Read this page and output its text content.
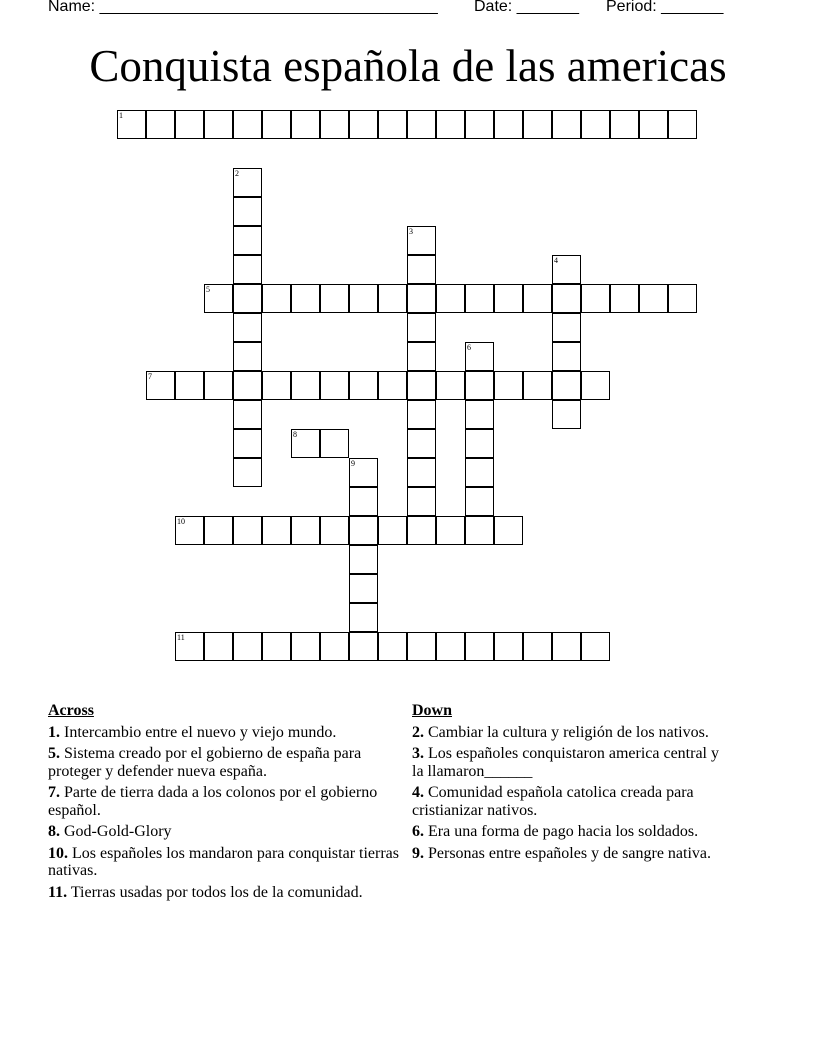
Name: ______________________________________ Date: _______ Period: _______
Conquista española de las americas
1
2
3
4
5
6
7
8
9
10
11
Across
1. Intercambio entre el nuevo y viejo mundo.
5. Sistema creado por el gobierno de españa para proteger y defender nueva españa.
7. Parte de tierra dada a los colonos por el gobierno español.
8. God-Gold-Glory
10. Los españoles los mandaron para conquistar tierras nativas.
11. Tierras usadas por todos los de la comunidad.
Down
2. Cambiar la cultura y religión de los nativos.
3. Los españoles conquistaron america central y la llamaron______
4. Comunidad española catolica creada para cristianizar nativos.
6. Era una forma de pago hacia los soldados.
9. Personas entre españoles y de sangre nativa.
